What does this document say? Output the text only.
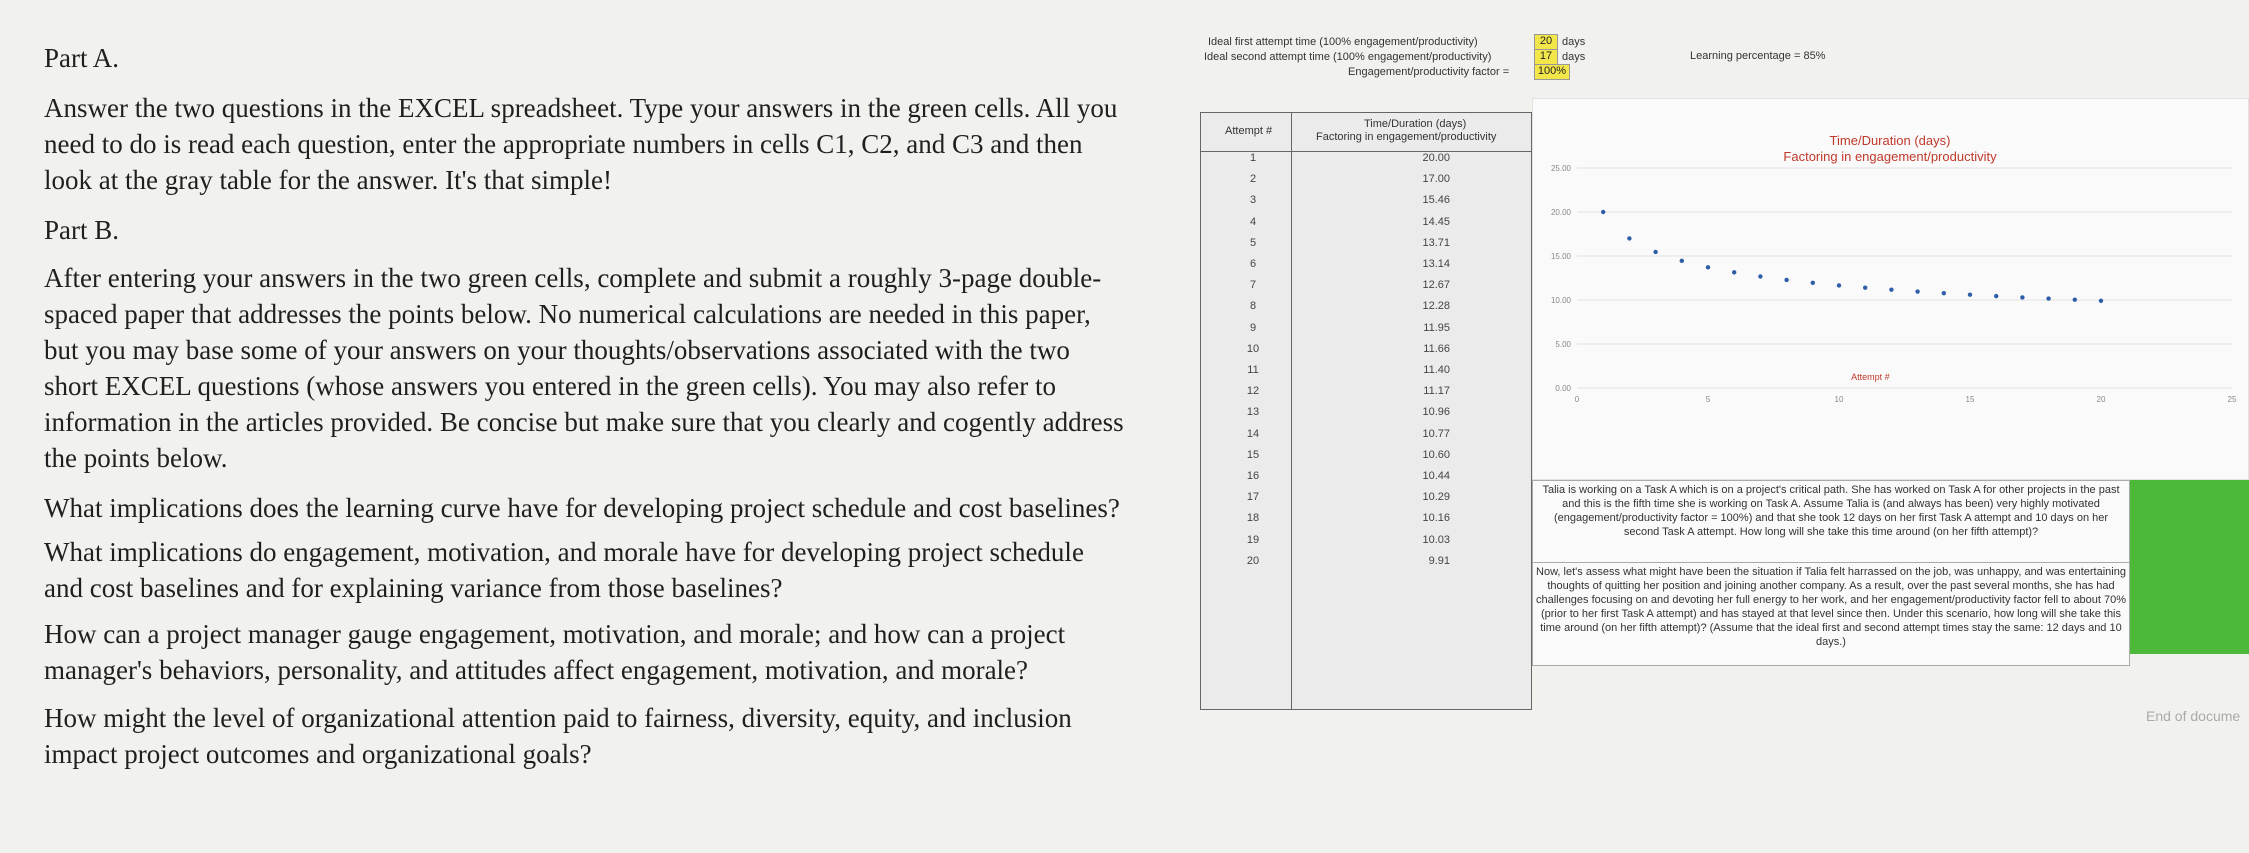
Part A.

Answer the two questions in the EXCEL spreadsheet. Type your answers in the green cells. All you need to do is read each question, enter the appropriate numbers in cells C1, C2, and C3 and then look at the gray table for the answer. It's that simple!

Part B.

After entering your answers in the two green cells, complete and submit a roughly 3-page double-spaced paper that addresses the points below. No numerical calculations are needed in this paper, but you may base some of your answers on your thoughts/observations associated with the two short EXCEL questions (whose answers you entered in the green cells). You may also refer to information in the articles provided. Be concise but make sure that you clearly and cogently address the points below.

What implications does the learning curve have for developing project schedule and cost baselines?

What implications do engagement, motivation, and morale have for developing project schedule and cost baselines and for explaining variance from those baselines?

How can a project manager gauge engagement, motivation, and morale; and how can a project manager's behaviors, personality, and attitudes affect engagement, motivation, and morale?

How might the level of organizational attention paid to fairness, diversity, equity, and inclusion impact project outcomes and organizational goals?

Ideal first attempt time (100% engagement/productivity)	20 days
Ideal second attempt time (100% engagement/productivity)	17 days
Engagement/productivity factor =	100%
Learning percentage = 85%
Attempt #
Time/Duration (days)
Factoring in engagement/productivity
1	20.00
2	17.00
3	15.46
4	14.45
5	13.71
6	13.14
7	12.67
8	12.28
9	11.95
10	11.66
11	11.40
12	11.17
13	10.96
14	10.77
15	10.60
16	10.44
17	10.29
18	10.16
19	10.03
20	9.91
Time/Duration (days)
Factoring in engagement/productivity
0.00
5.00
10.00
15.00
20.00
25.00
0	5	10	15	20	25
Attempt #
Talia is working on a Task A which is on a project's critical path. She has worked on Task A for other projects in the past and this is the fifth time she is working on Task A. Assume Talia is (and always has been) very highly motivated (engagement/productivity factor = 100%) and that she took 12 days on her first Task A attempt and 10 days on her second Task A attempt. How long will she take this time around (on her fifth attempt)?
Now, let's assess what might have been the situation if Talia felt harrassed on the job, was unhappy, and was entertaining thoughts of quitting her position and joining another company. As a result, over the past several months, she has had challenges focusing on and devoting her full energy to her work, and her engagement/productivity factor fell to about 70% (prior to her first Task A attempt) and has stayed at that level since then. Under this scenario, how long will she take this time around (on her fifth attempt)? (Assume that the ideal first and second attempt times stay the same: 12 days and 10 days.)
End of docume
